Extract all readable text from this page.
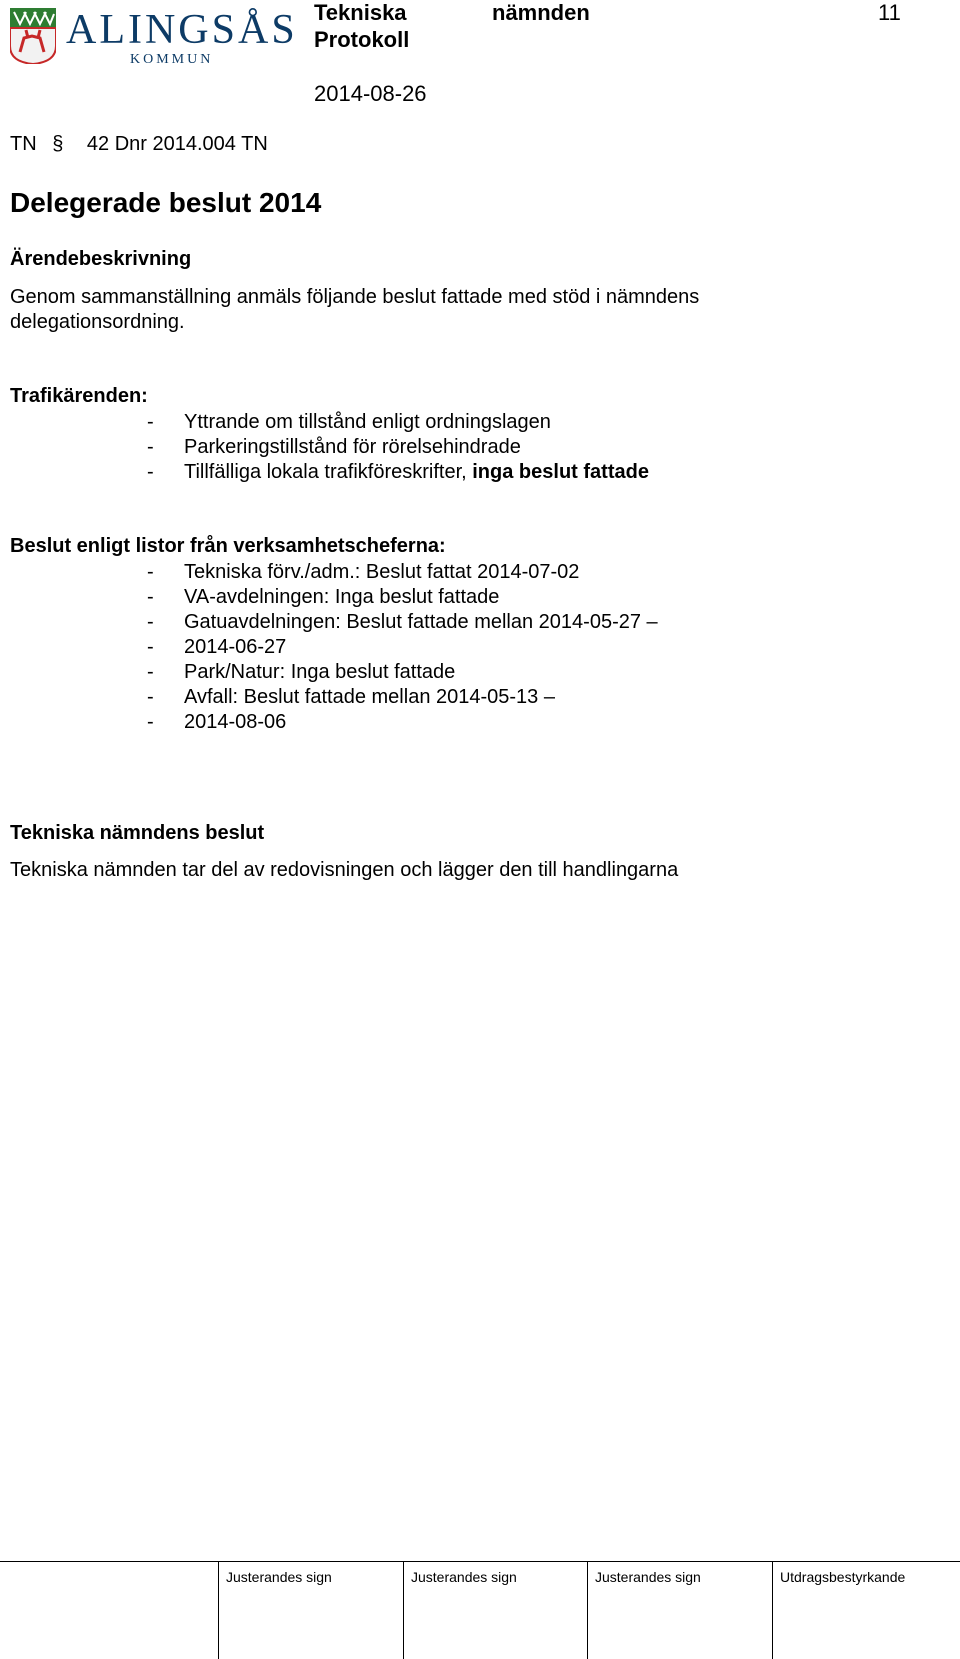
ALINGSÅS
KOMMUN
Tekniska	nämnden
Protokoll
2014-08-26
11
TN § 42 Dnr 2014.004 TN
Delegerade beslut 2014
Ärendebeskrivning
Genom sammanställning anmäls följande beslut fattade med stöd i nämndens
delegationsordning.
Trafikärenden:
- Yttrande om tillstånd enligt ordningslagen
- Parkeringstillstånd för rörelsehindrade
- Tillfälliga lokala trafikföreskrifter, inga beslut fattade
Beslut enligt listor från verksamhetscheferna:
- Tekniska förv./adm.: Beslut fattat 2014-07-02
- VA-avdelningen: Inga beslut fattade
- Gatuavdelningen: Beslut fattade mellan 2014-05-27 –
- 2014-06-27
- Park/Natur: Inga beslut fattade
- Avfall: Beslut fattade mellan 2014-05-13 –
- 2014-08-06
Tekniska nämndens beslut
Tekniska nämnden tar del av redovisningen och lägger den till handlingarna
Justerandes sign	Justerandes sign	Justerandes sign	Utdragsbestyrkande
